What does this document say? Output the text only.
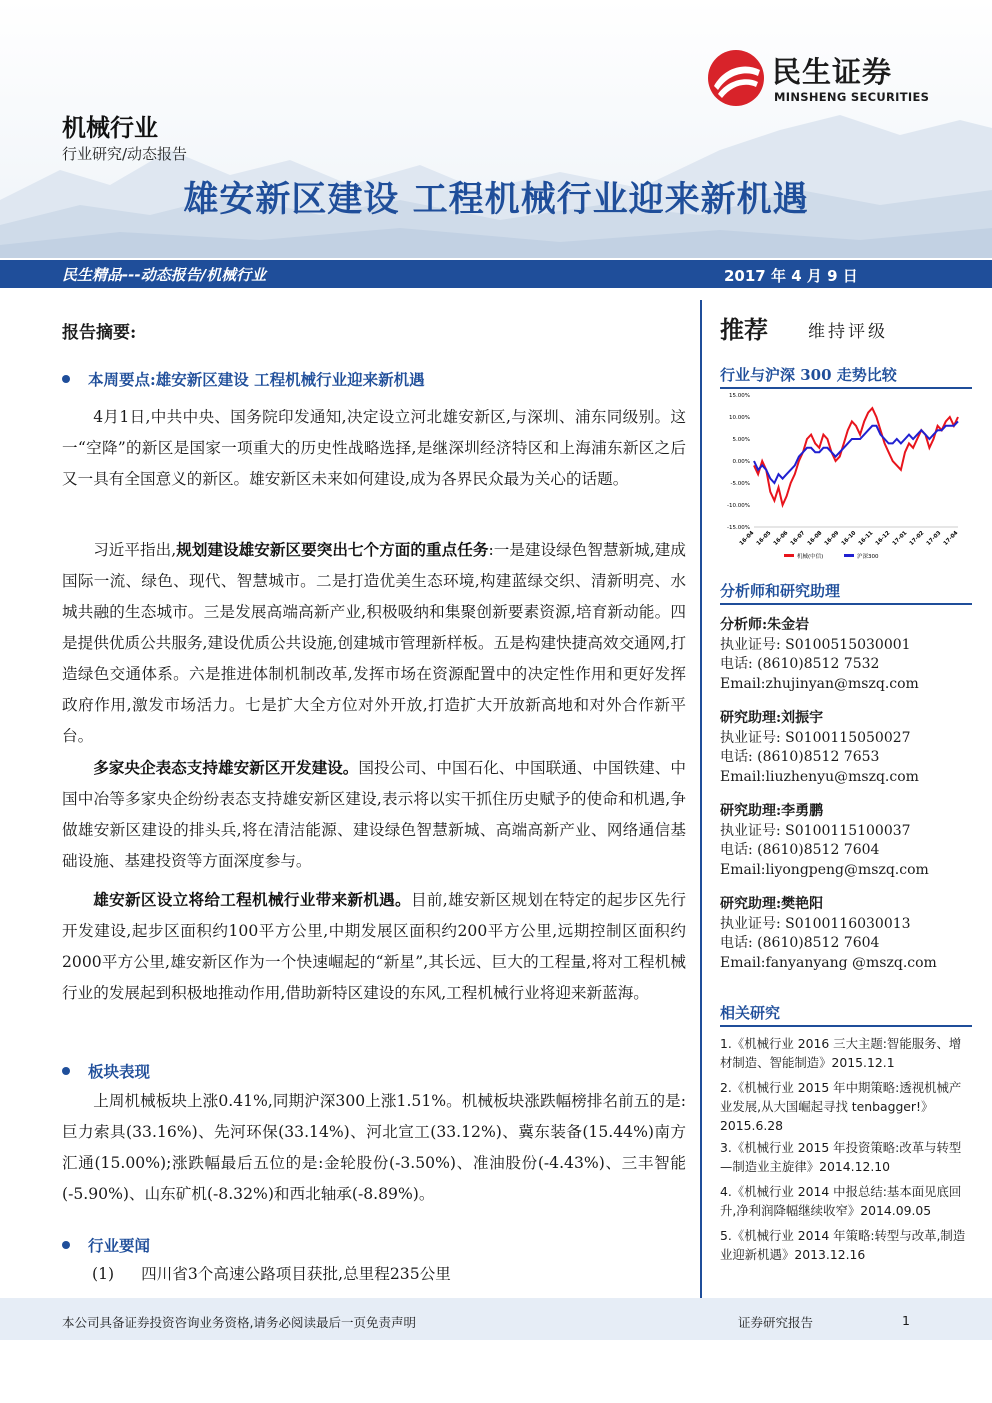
民生证券
MINSHENG SECURITIES
机械行业
行业研究/动态报告
雄安新区建设 工程机械行业迎来新机遇
民生精品---动态报告/机械行业	2017 年 4 月 9 日
报告摘要:
本周要点:雄安新区建设 工程机械行业迎来新机遇

4月1日,中共中央、国务院印发通知,决定设立河北雄安新区,与深圳、浦东同级别。这一“空降”的新区是国家一项重大的历史性战略选择,是继深圳经济特区和上海浦东新区之后又一具有全国意义的新区。雄安新区未来如何建设,成为各界民众最为关心的话题。

习近平指出,规划建设雄安新区要突出七个方面的重点任务:一是建设绿色智慧新城,建成国际一流、绿色、现代、智慧城市。二是打造优美生态环境,构建蓝绿交织、清新明亮、水城共融的生态城市。三是发展高端高新产业,积极吸纳和集聚创新要素资源,培育新动能。四是提供优质公共服务,建设优质公共设施,创建城市管理新样板。五是构建快捷高效交通网,打造绿色交通体系。六是推进体制机制改革,发挥市场在资源配置中的决定性作用和更好发挥政府作用,激发市场活力。七是扩大全方位对外开放,打造扩大开放新高地和对外合作新平台。

多家央企表态支持雄安新区开发建设。国投公司、中国石化、中国联通、中国铁建、中国中冶等多家央企纷纷表态支持雄安新区建设,表示将以实干抓住历史赋予的使命和机遇,争做雄安新区建设的排头兵,将在清洁能源、建设绿色智慧新城、高端高新产业、网络通信基础设施、基建投资等方面深度参与。

雄安新区设立将给工程机械行业带来新机遇。目前,雄安新区规划在特定的起步区先行开发建设,起步区面积约100平方公里,中期发展区面积约200平方公里,远期控制区面积约2000平方公里,雄安新区作为一个快速崛起的“新星”,其长远、巨大的工程量,将对工程机械行业的发展起到积极地推动作用,借助新特区建设的东风,工程机械行业将迎来新蓝海。

板块表现

上周机械板块上涨0.41%,同期沪深300上涨1.51%。机械板块涨跌幅榜排名前五的是:巨力索具(33.16%)、先河环保(33.14%)、河北宣工(33.12%)、冀东装备(15.44%)南方汇通(15.00%);涨跌幅最后五位的是:金轮股份(-3.50%)、准油股份(-4.43%)、三丰智能(-5.90%)、山东矿机(-8.32%)和西北轴承(-8.89%)。

行业要闻
(1) 四川省3个高速公路项目获批,总里程235公里
推荐 维持评级
行业与沪深 300 走势比较
15.00%
10.00%
5.00%
0.00%
-5.00%
-10.00%
-15.00%
16-04 16-05 16-06 16-07 16-08 16-09 16-10 16-11 16-12 17-01 17-02 17-03 17-04
机械(中信)	沪深300
分析师和研究助理
分析师:朱金岩
执业证号: S0100515030001
电话: (8610)8512 7532
Email:zhujinyan@mszq.com
研究助理:刘振宇
执业证号: S0100115050027
电话: (8610)8512 7653
Email:liuzhenyu@mszq.com
研究助理:李勇鹏
执业证号: S0100115100037
电话: (8610)8512 7604
Email:liyongpeng@mszq.com
研究助理:樊艳阳
执业证号: S0100116030013
电话: (8610)8512 7604
Email:fanyanyang @mszq.com
相关研究
1.《机械行业 2016 三大主题:智能服务、增材制造、智能制造》2015.12.1
2.《机械行业 2015 年中期策略:透视机械产业发展,从大国崛起寻找 tenbagger!》2015.6.28
3.《机械行业 2015 年投资策略:改革与转型—制造业主旋律》2014.12.10
4.《机械行业 2014 中报总结:基本面见底回升,净利润降幅继续收窄》2014.09.05
5.《机械行业 2014 年策略:转型与改革,制造业迎新机遇》2013.12.16
本公司具备证券投资咨询业务资格,请务必阅读最后一页免责声明	证券研究报告	1
